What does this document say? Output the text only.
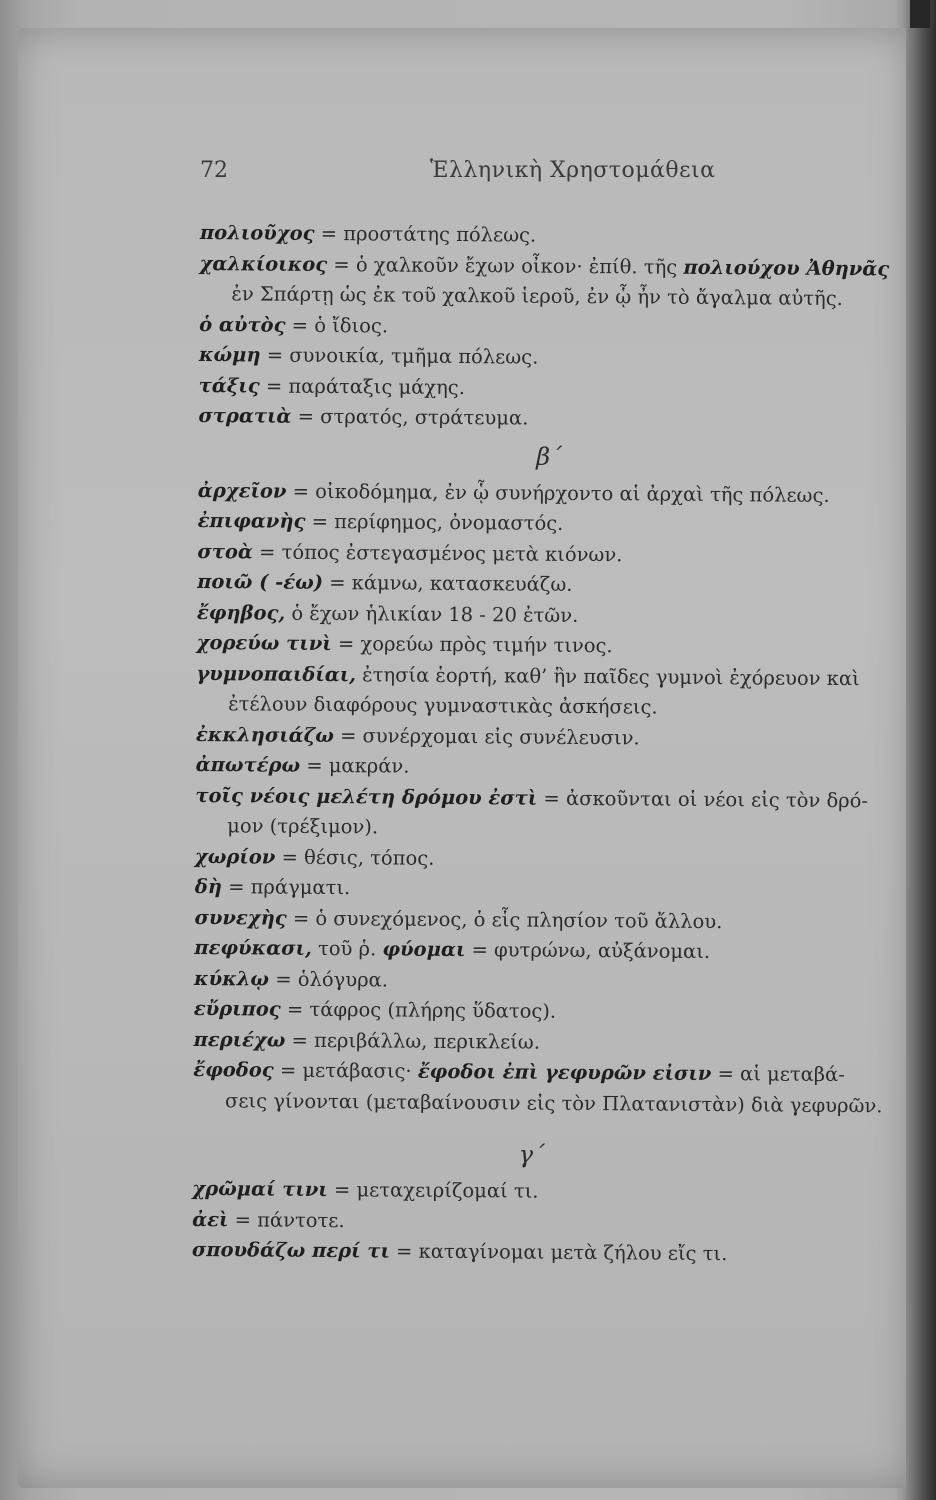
72	Ἑλληνικὴ Χρηστομάθεια
πολιοῦχος = προστάτης πόλεως.
χαλκίοικος = ὁ χαλκοῦν ἔχων οἶκον· ἐπίθ. τῆς πολιούχου Ἀθηνᾶς
ἐν Σπάρτῃ ὡς ἐκ τοῦ χαλκοῦ ἱεροῦ, ἐν ᾧ ἦν τὸ ἄγαλμα αὐτῆς.
ὁ αὐτὸς = ὁ ἴδιος.
κώμη = συνοικία, τμῆμα πόλεως.
τάξις = παράταξις μάχης.
στρατιὰ = στρατός, στράτευμα.
β΄
ἀρχεῖον = οἰκοδόμημα, ἐν ᾧ συνήρχοντο αἱ ἀρχαὶ τῆς πόλεως.
ἐπιφανὴς = περίφημος, ὀνομαστός.
στοὰ = τόπος ἐστεγασμένος μετὰ κιόνων.
ποιῶ ( -έω) = κάμνω, κατασκευάζω.
ἔφηβος, ὁ ἔχων ἡλικίαν 18 - 20 ἐτῶν.
χορεύω τινὶ = χορεύω πρὸς τιμήν τινος.
γυμνοπαιδίαι, ἐτησία ἑορτή, καθ’ ἣν παῖδες γυμνοὶ ἐχόρευον καὶ
ἐτέλουν διαφόρους γυμναστικὰς ἀσκήσεις.
ἐκκλησιάζω = συνέρχομαι εἰς συνέλευσιν.
ἀπωτέρω = μακράν.
τοῖς νέοις μελέτη δρόμου ἐστὶ = ἀσκοῦνται οἱ νέοι εἰς τὸν δρό-
μον (τρέξιμον).
χωρίον = θέσις, τόπος.
δὴ = πράγματι.
συνεχὴς = ὁ συνεχόμενος, ὁ εἷς πλησίον τοῦ ἄλλου.
πεφύκασι, τοῦ ῥ. φύομαι = φυτρώνω, αὐξάνομαι.
κύκλῳ = ὁλόγυρα.
εὔριπος = τάφρος (πλήρης ὕδατος).
περιέχω = περιβάλλω, περικλείω.
ἔφοδος = μετάβασις· ἔφοδοι ἐπὶ γεφυρῶν εἰσιν = αἱ μεταβά-
σεις γίνονται (μεταβαίνουσιν εἰς τὸν Πλατανιστὰν) διὰ γεφυρῶν.
γ΄
χρῶμαί τινι = μεταχειρίζομαί τι.
ἀεὶ = πάντοτε.
σπουδάζω περί τι = καταγίνομαι μετὰ ζήλου εἴς τι.
